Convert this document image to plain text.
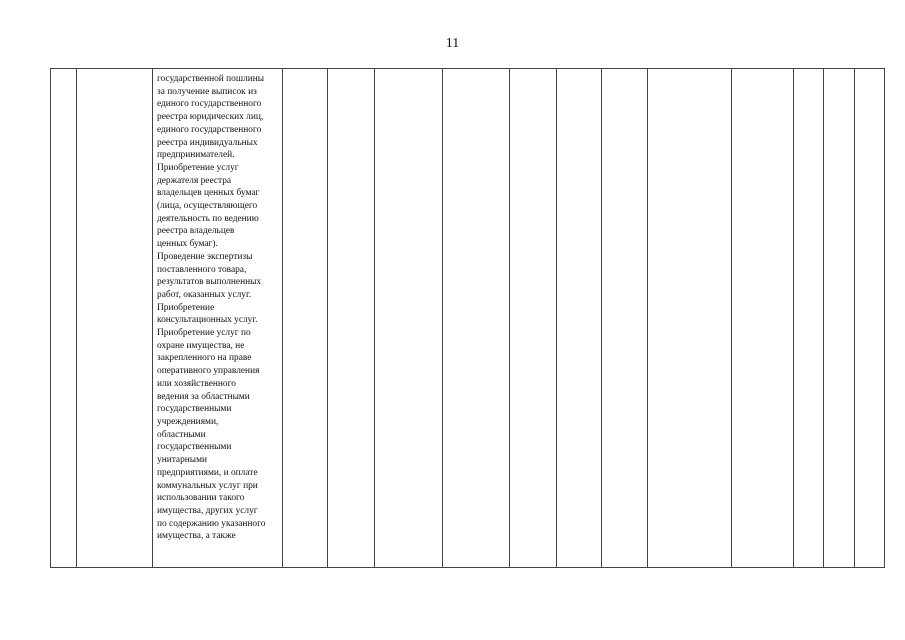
11

государственной пошлины
за получение выписок из
единого государственного
реестра юридических лиц,
единого государственного
реестра индивидуальных
предпринимателей.
Приобретение услуг
держателя реестра
владельцев ценных бумаг
(лица, осуществляющего
деятельность по ведению
реестра владельцев
ценных бумаг).
Проведение экспертизы
поставленного товара,
результатов выполненных
работ, оказанных услуг.
Приобретение
консультационных услуг.
Приобретение услуг по
охране имущества, не
закрепленного на праве
оперативного управления
или хозяйственного
ведения за областными
государственными
учреждениями,
областными
государственными
унитарными
предприятиями, и оплате
коммунальных услуг при
использовании такого
имущества, других услуг
по содержанию указанного
имущества, а также
